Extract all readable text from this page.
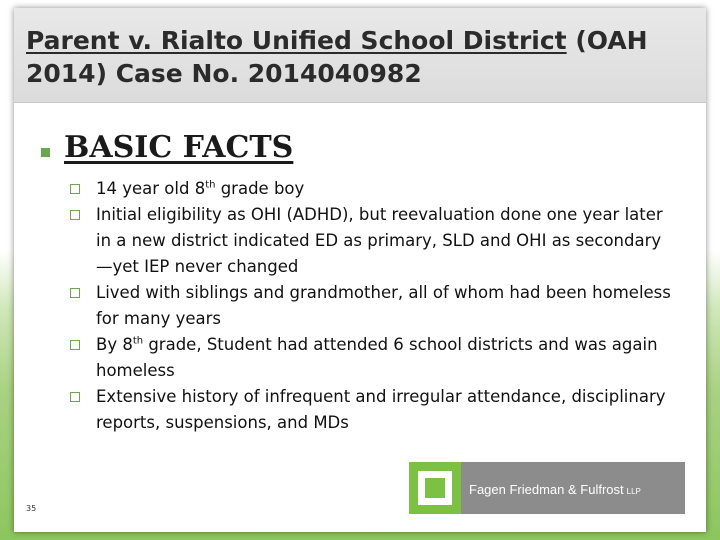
Parent v. Rialto Unified School District (OAH 2014) Case No. 2014040982
BASIC FACTS
14 year old 8th grade boy
Initial eligibility as OHI (ADHD), but reevaluation done one year later in a new district indicated ED as primary, SLD and OHI as secondary—yet IEP never changed
Lived with siblings and grandmother, all of whom had been homeless for many years
By 8th grade, Student had attended 6 school districts and was again homeless
Extensive history of infrequent and irregular attendance, disciplinary reports, suspensions, and MDs
35
Fagen Friedman & Fulfrost LLP
